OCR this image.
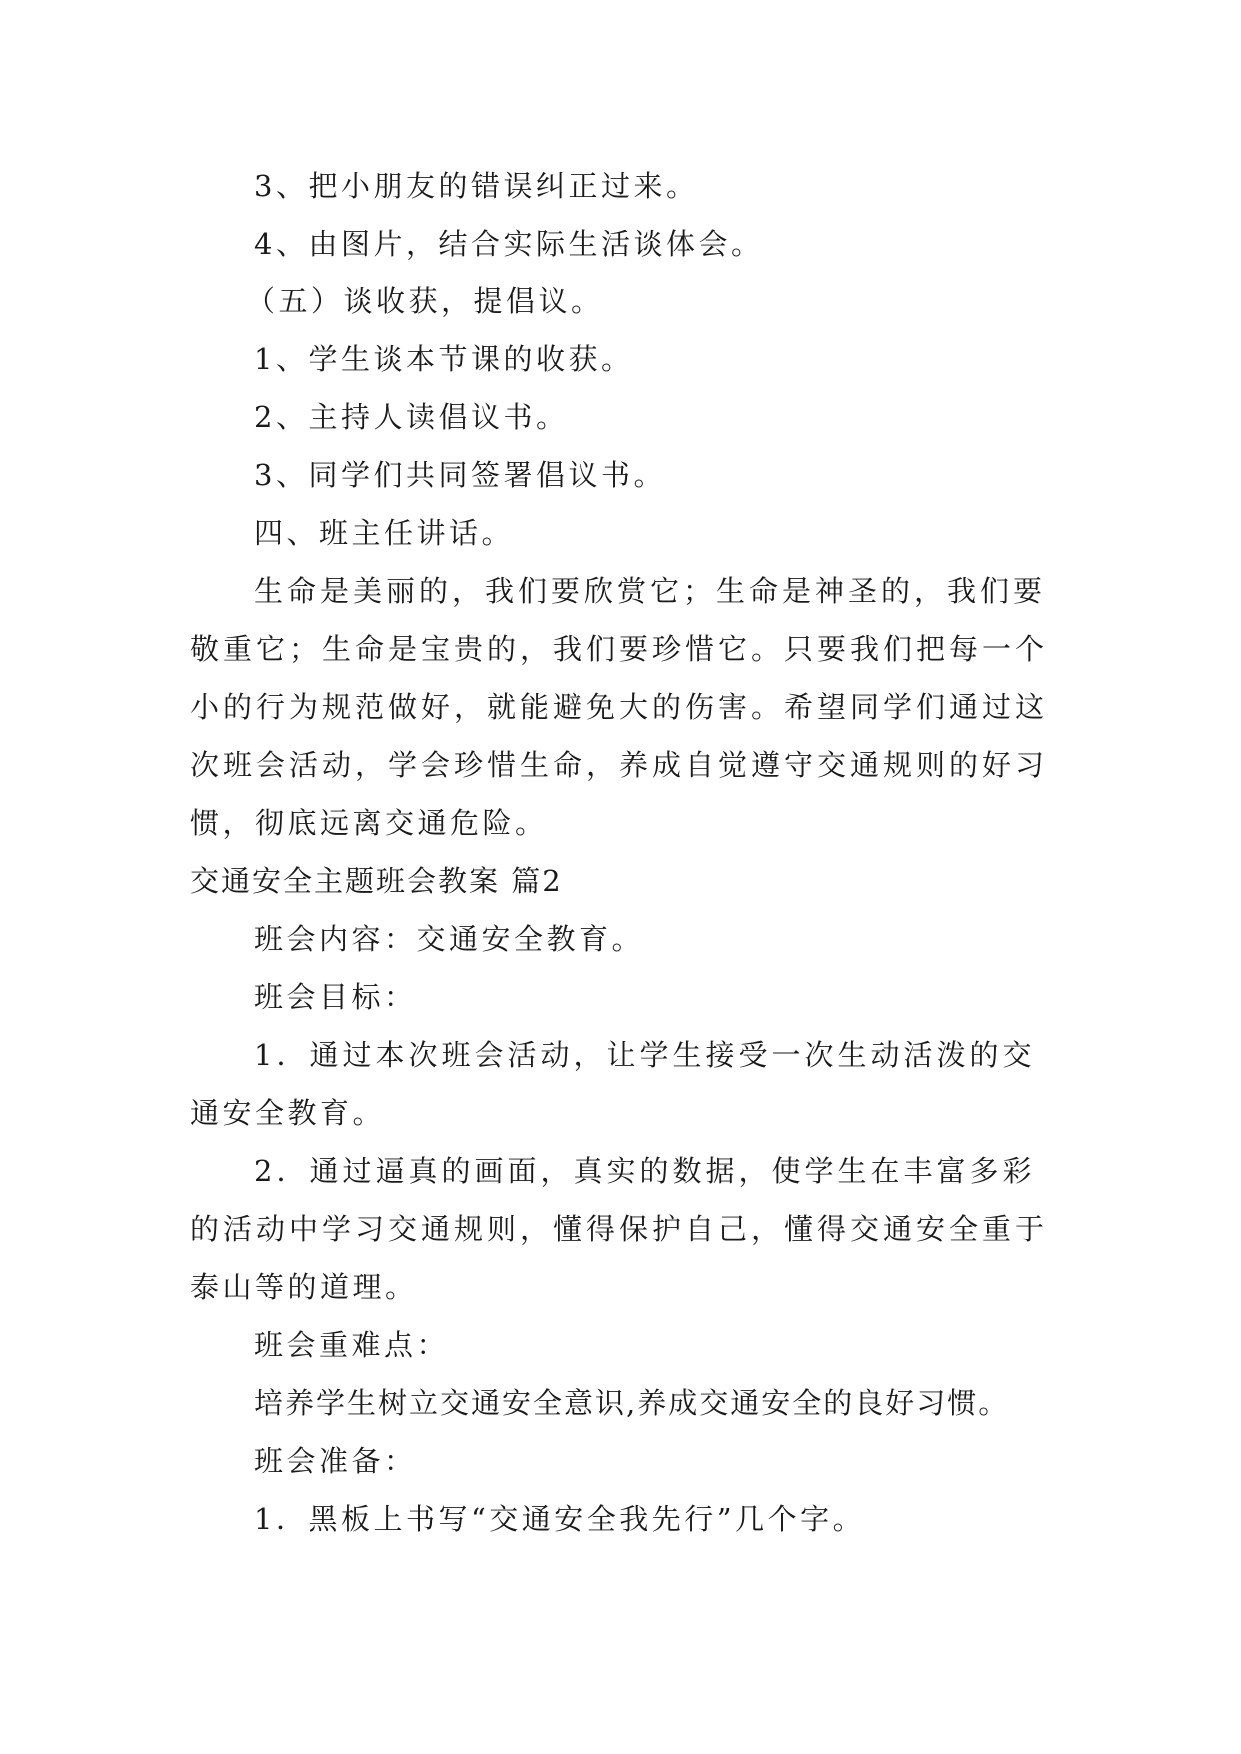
3、把小朋友的错误纠正过来。
4、由图片，结合实际生活谈体会。
（五）谈收获，提倡议。
1、学生谈本节课的收获。
2、主持人读倡议书。
3、同学们共同签署倡议书。
四、班主任讲话。
生命是美丽的，我们要欣赏它；生命是神圣的，我们要
敬重它；生命是宝贵的，我们要珍惜它。只要我们把每一个
小的行为规范做好，就能避免大的伤害。希望同学们通过这
次班会活动，学会珍惜生命，养成自觉遵守交通规则的好习
惯，彻底远离交通危险。
交通安全主题班会教案 篇2
班会内容：交通安全教育。
班会目标：
1．通过本次班会活动，让学生接受一次生动活泼的交
通安全教育。
2．通过逼真的画面，真实的数据，使学生在丰富多彩
的活动中学习交通规则，懂得保护自己，懂得交通安全重于
泰山等的道理。
班会重难点：
培养学生树立交通安全意识,养成交通安全的良好习惯。
班会准备：
1．黑板上书写“交通安全我先行”几个字。
